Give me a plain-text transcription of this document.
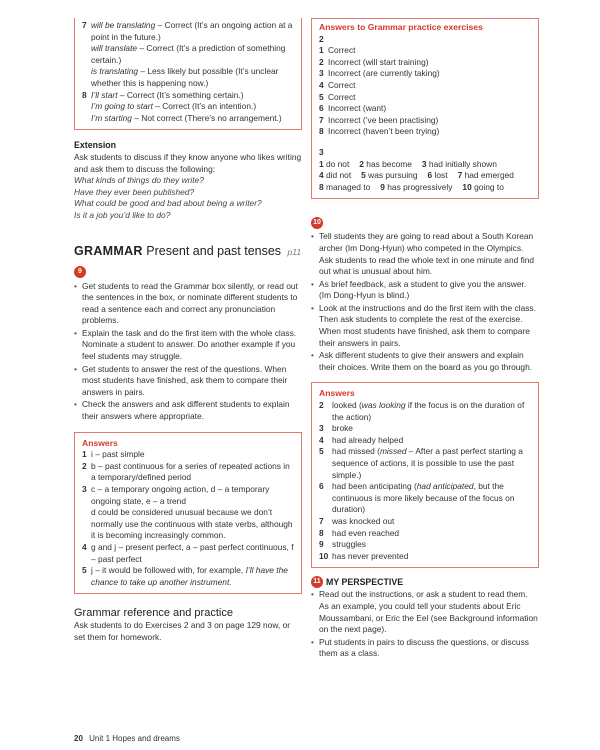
7 will be translating – Correct (It’s an ongoing action at a point in the future.)
will translate – Correct (It’s a prediction of something certain.)
is translating – Less likely but possible (It’s unclear whether this is happening now.)
8 I’ll start – Correct (It’s something certain.)
I’m going to start – Correct (It’s an intention.)
I’m starting – Not correct (There’s no arrangement.)
Extension

Ask students to discuss if they know anyone who likes writing and ask them to discuss the following:

What kinds of things do they write?

Have they ever been published?

What could be good and bad about being a writer?

Is it a job you’d like to do?

GRAMMAR Present and past tenses p11
9
• Get students to read the Grammar box silently, or read out the sentences in the box, or nominate different students to read a sentence each and correct any pronunciation problems.
• Explain the task and do the first item with the whole class. Nominate a student to answer. Do another example if you feel students may struggle.
• Get students to answer the rest of the questions. When most students have finished, ask them to compare their answers in pairs.
• Check the answers and ask different students to explain their answers where appropriate.
Answers
1 i – past simple
2 b – past continuous for a series of repeated actions in a temporary/defined period
3 c – a temporary ongoing action, d – a temporary ongoing state, e – a trend
d could be considered unusual because we don’t normally use the continuous with state verbs, although it is becoming increasingly common.
4 g and j – present perfect, a – past perfect continuous, f – past perfect
5 j – it would be followed with, for example, I’ll have the chance to take up another instrument.
Grammar reference and practice

Ask students to do Exercises 2 and 3 on page 129 now, or set them for homework.

Answers to Grammar practice exercises
2
1 Correct
2 Incorrect (will start training)
3 Incorrect (are currently taking)
4 Correct
5 Correct
6 Incorrect (want)
7 Incorrect (’ve been practising)
8 Incorrect (haven’t been trying)
3
1 do not	2 has become	3 had initially shown
4 did not	5 was pursuing	6 lost	7 had emerged
8 managed to	9 has progressively	10 going to
10
• Tell students they are going to read about a South Korean archer (Im Dong-Hyun) who competed in the Olympics. Ask students to read the whole text in one minute and find out what is unusual about him.
• As brief feedback, ask a student to give you the answer. (Im Dong-Hyun is blind.)
• Look at the instructions and do the first item with the class. Then ask students to complete the rest of the exercise. When most students have finished, ask them to compare their answers in pairs.
• Ask different students to give their answers and explain their choices. Write them on the board as you go through.
Answers
2 looked (was looking if the focus is on the duration of the action)
3 broke
4 had already helped
5 had missed (missed – After a past perfect starting a sequence of actions, it is possible to use the past simple.)
6 had been anticipating (had anticipated, but the continuous is more likely because of the focus on duration)
7 was knocked out
8 had even reached
9 struggles
10 has never prevented
11 MY PERSPECTIVE
• Read out the instructions, or ask a student to read them. As an example, you could tell your students about Eric Moussambani, or Eric the Eel (see Background information on the next page).
• Put students in pairs to discuss the questions, or discuss them as a class.
20 Unit 1 Hopes and dreams
